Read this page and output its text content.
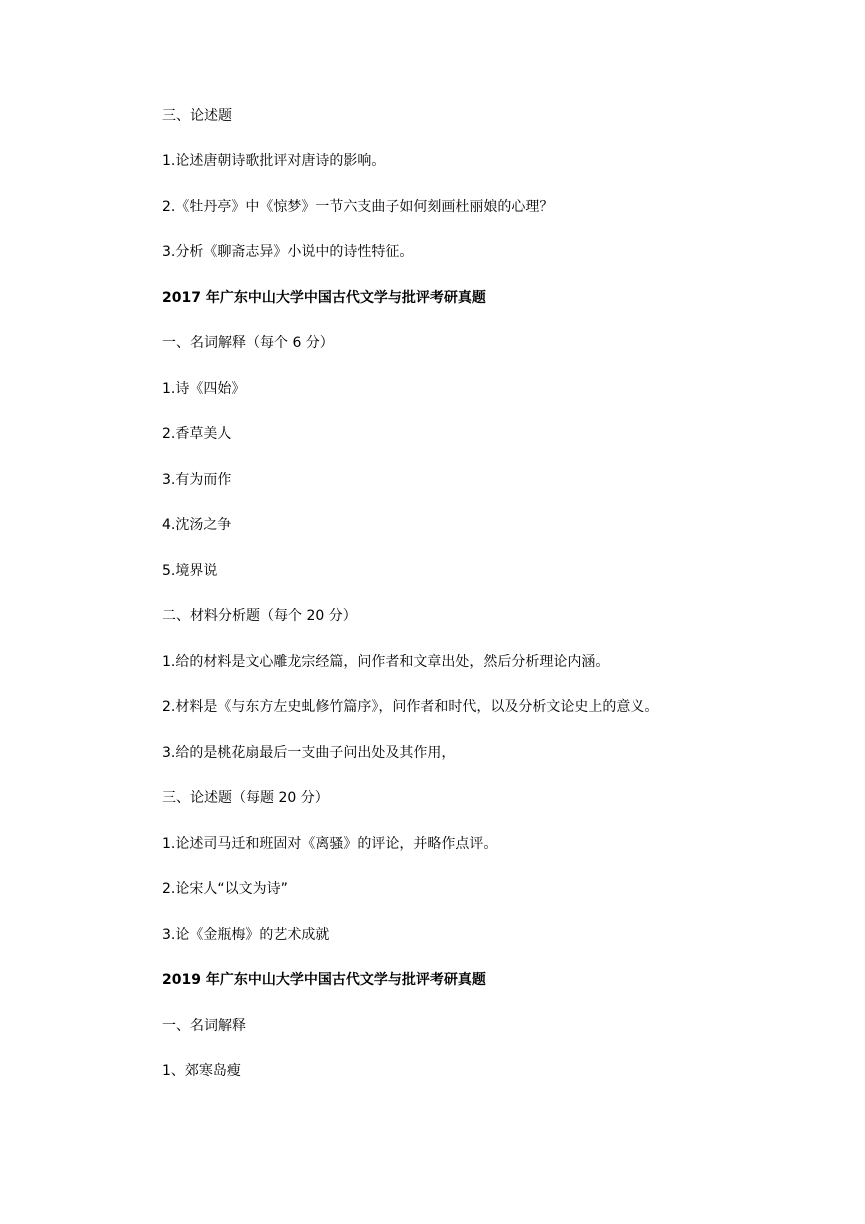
三、论述题
1.论述唐朝诗歌批评对唐诗的影响。
2.《牡丹亭》中《惊梦》一节六支曲子如何刻画杜丽娘的心理？
3.分析《聊斋志异》小说中的诗性特征。
2017 年广东中山大学中国古代文学与批评考研真题
一、名词解释（每个 6 分）
1.诗《四始》
2.香草美人
3.有为而作
4.沈汤之争
5.境界说
二、材料分析题（每个 20 分）
1.给的材料是文心雕龙宗经篇，问作者和文章出处，然后分析理论内涵。
2.材料是《与东方左史虬修竹篇序》，问作者和时代，以及分析文论史上的意义。
3.给的是桃花扇最后一支曲子问出处及其作用，
三、论述题（每题 20 分）
1.论述司马迁和班固对《离骚》的评论，并略作点评。
2.论宋人“以文为诗”
3.论《金瓶梅》的艺术成就
2019 年广东中山大学中国古代文学与批评考研真题
一、名词解释
1、郊寒岛瘦
